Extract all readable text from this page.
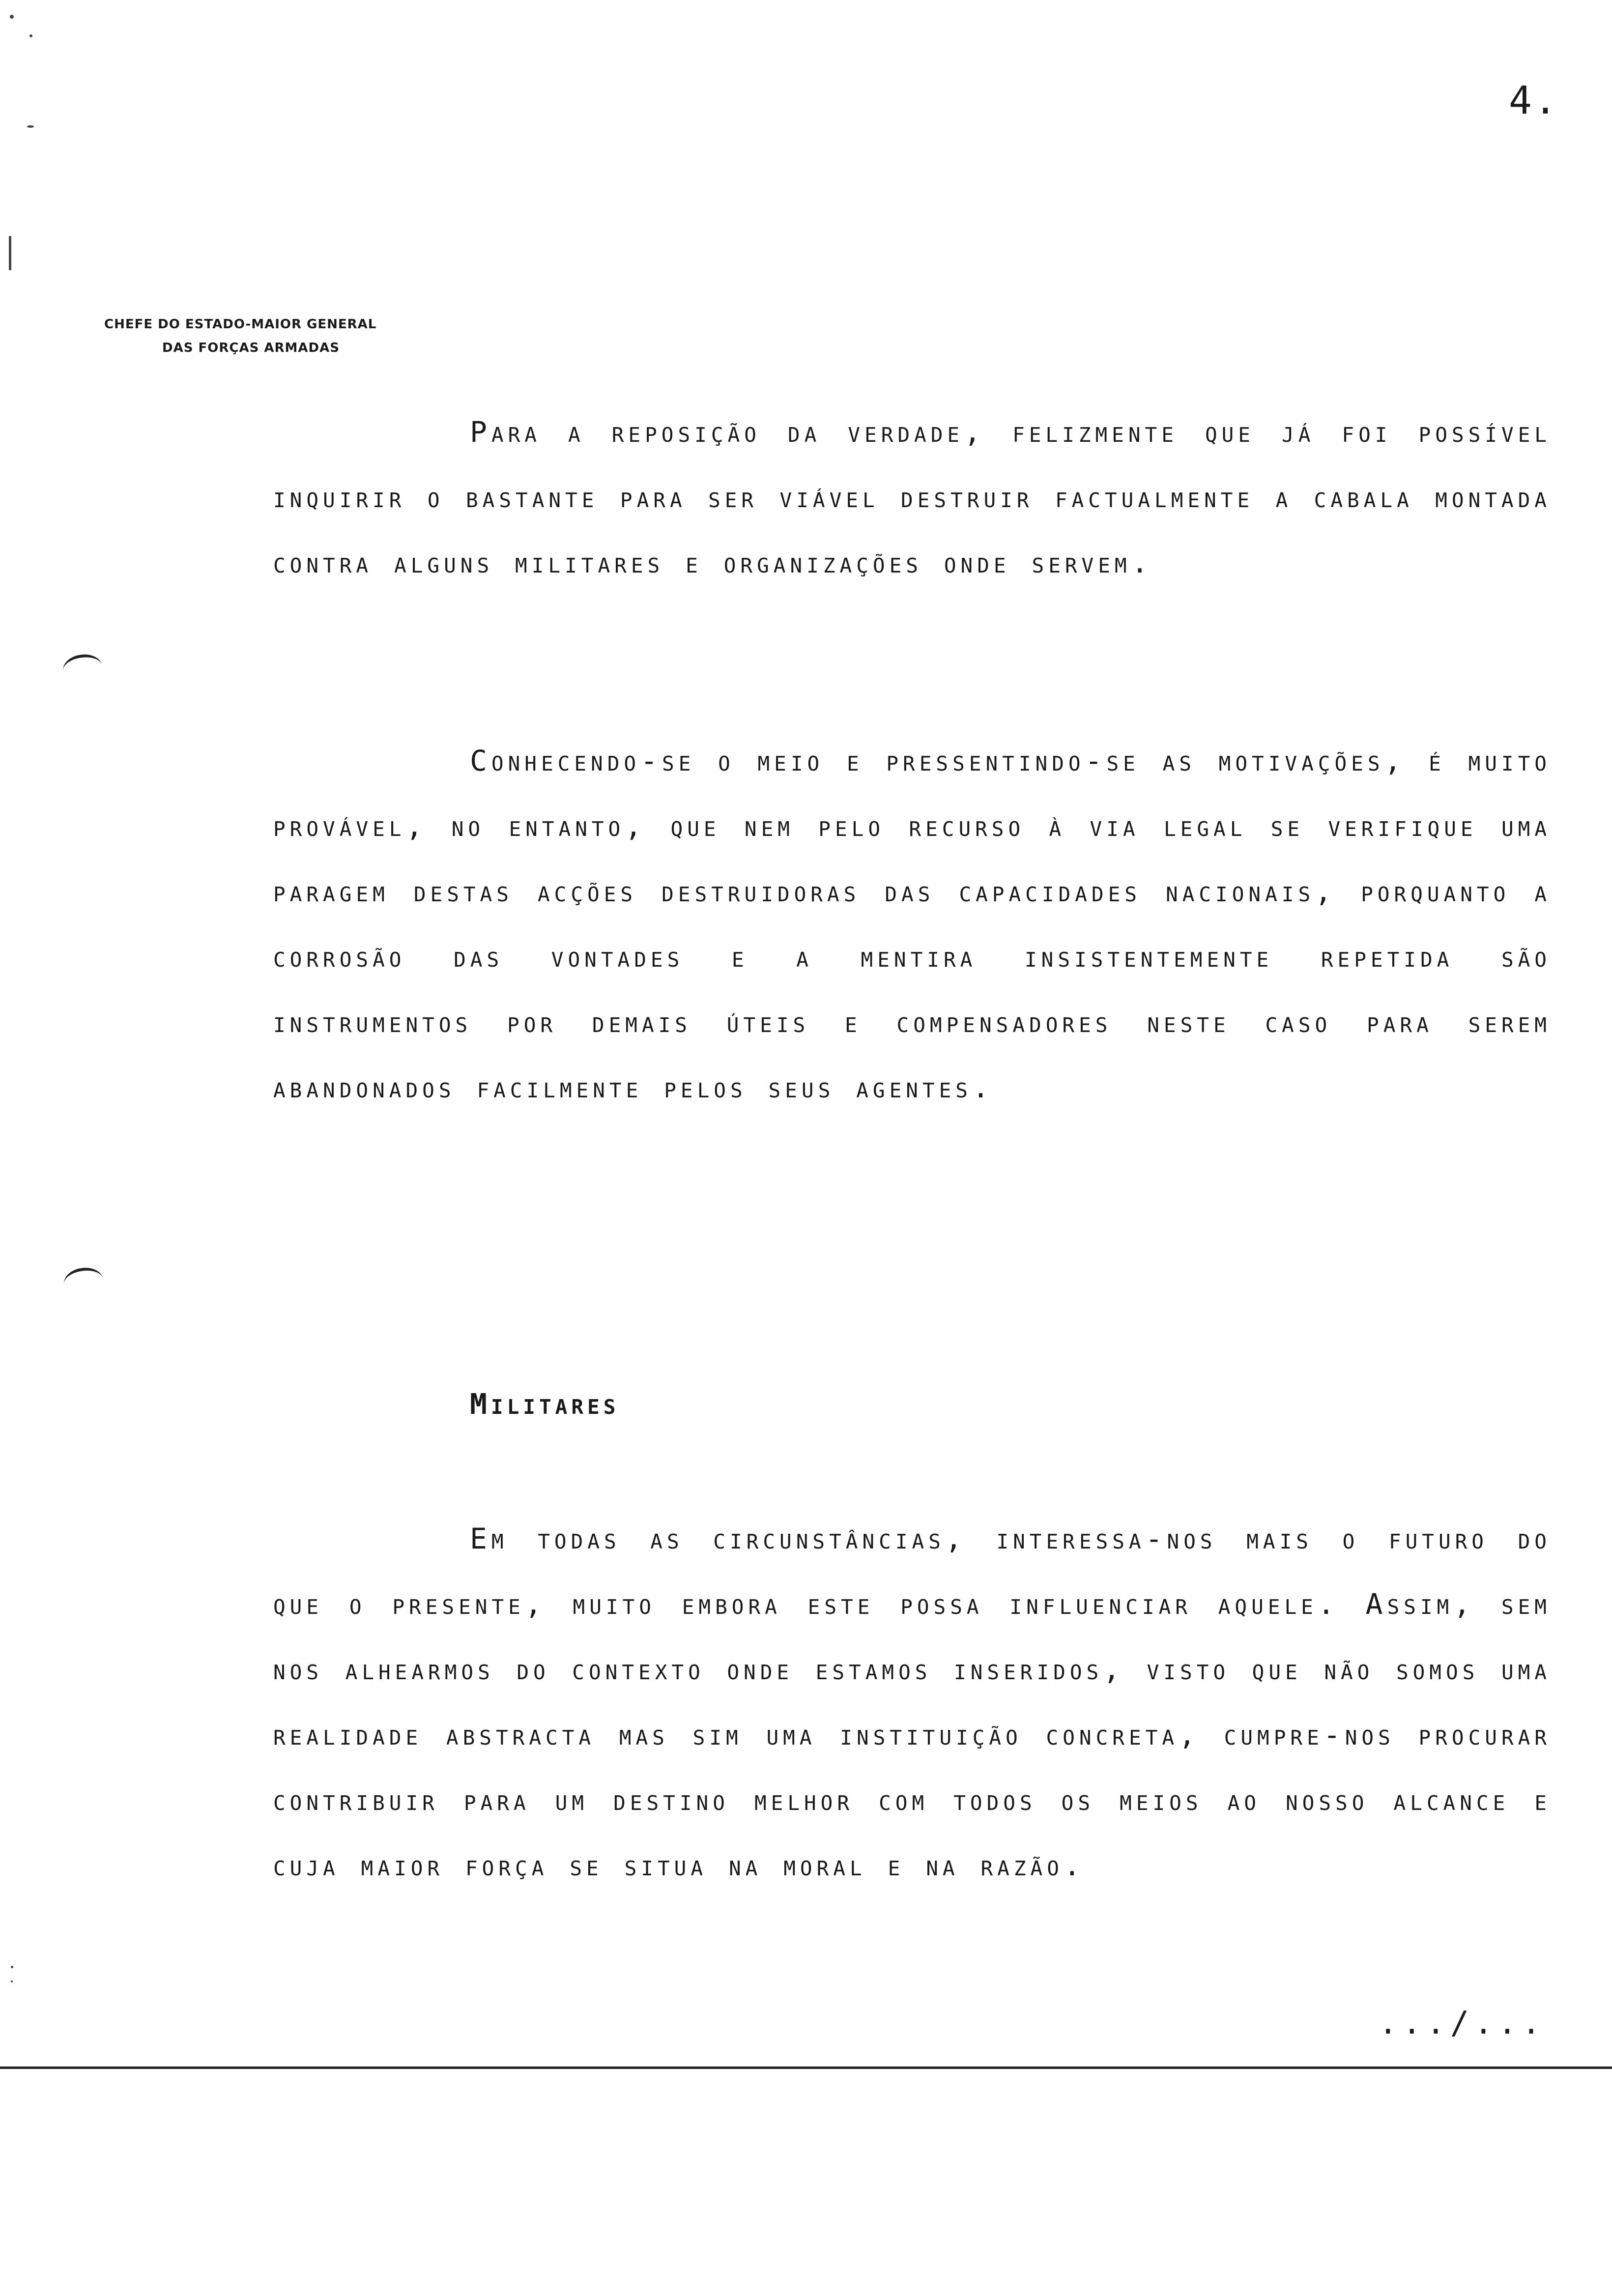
4.
CHEFE DO ESTADO-MAIOR GENERAL
DAS FORÇAS ARMADAS

Para a reposição da verdade, felizmente que já foi possível inquirir o bastante para ser viável destruir factualmente a cabala montada contra alguns militares e organizações onde servem.

Conhecendo-se o meio e pressentindo-se as motivações, é muito provável, no entanto, que nem pelo recurso à via legal se verifique uma paragem destas acções destruidoras das capacidades nacionais, porquanto a corrosão das vontades e a mentira insistentemente repetida são instrumentos por demais úteis e compensadores neste caso para serem abandonados facilmente pelos seus agentes.

Militares

Em todas as circunstâncias, interessa-nos mais o futuro do que o presente, muito embora este possa influenciar aquele. Assim, sem nos alhearmos do contexto onde estamos inseridos, visto que não somos uma realidade abstracta mas sim uma instituição concreta, cumpre-nos procurar contribuir para um destino melhor com todos os meios ao nosso alcance e cuja maior força se situa na moral e na razão.

.../...
